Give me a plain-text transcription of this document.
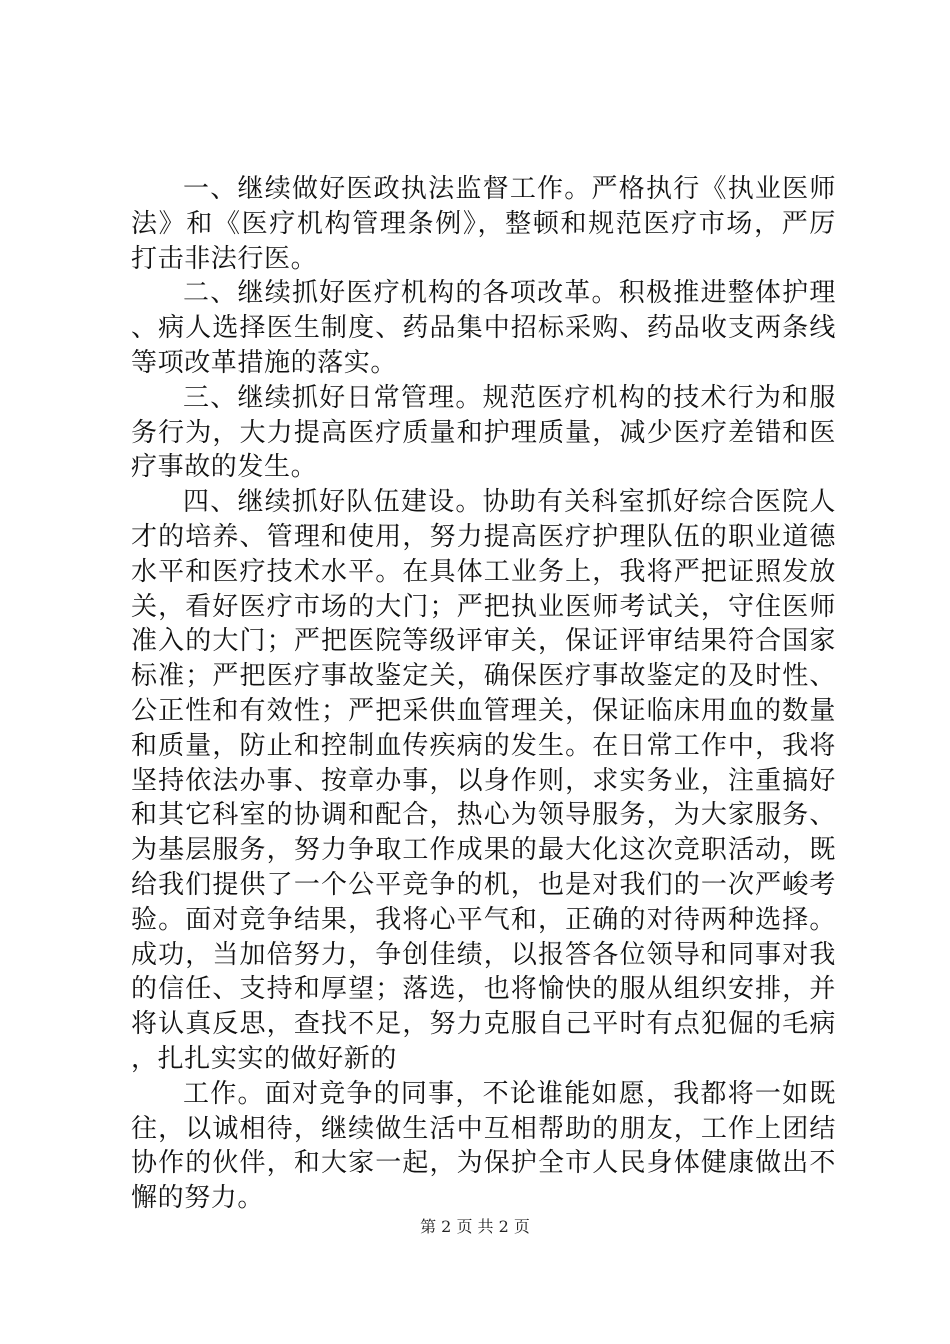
一、继续做好医政执法监督工作。严格执行《执业医师法》和《医疗机构管理条例》，整顿和规范医疗市场，严厉打击非法行医。

二、继续抓好医疗机构的各项改革。积极推进整体护理、病人选择医生制度、药品集中招标采购、药品收支两条线等项改革措施的落实。

三、继续抓好日常管理。规范医疗机构的技术行为和服务行为，大力提高医疗质量和护理质量，减少医疗差错和医疗事故的发生。

四、继续抓好队伍建设。协助有关科室抓好综合医院人才的培养、管理和使用，努力提高医疗护理队伍的职业道德水平和医疗技术水平。在具体工业务上，我将严把证照发放关，看好医疗市场的大门；严把执业医师考试关，守住医师准入的大门；严把医院等级评审关，保证评审结果符合国家标准；严把医疗事故鉴定关，确保医疗事故鉴定的及时性、公正性和有效性；严把采供血管理关，保证临床用血的数量和质量，防止和控制血传疾病的发生。在日常工作中，我将坚持依法办事、按章办事，以身作则，求实务业，注重搞好和其它科室的协调和配合，热心为领导服务，为大家服务、为基层服务，努力争取工作成果的最大化这次竞职活动，既给我们提供了一个公平竞争的机，也是对我们的一次严峻考验。面对竞争结果，我将心平气和，正确的对待两种选择。成功，当加倍努力，争创佳绩，以报答各位领导和同事对我的信任、支持和厚望；落选，也将愉快的服从组织安排，并将认真反思，查找不足，努力克服自己平时有点犯倔的毛病，扎扎实实的做好新的

工作。面对竞争的同事，不论谁能如愿，我都将一如既往，以诚相待，继续做生活中互相帮助的朋友，工作上团结协作的伙伴，和大家一起，为保护全市人民身体健康做出不懈的努力。

第 2 页 共 2 页
